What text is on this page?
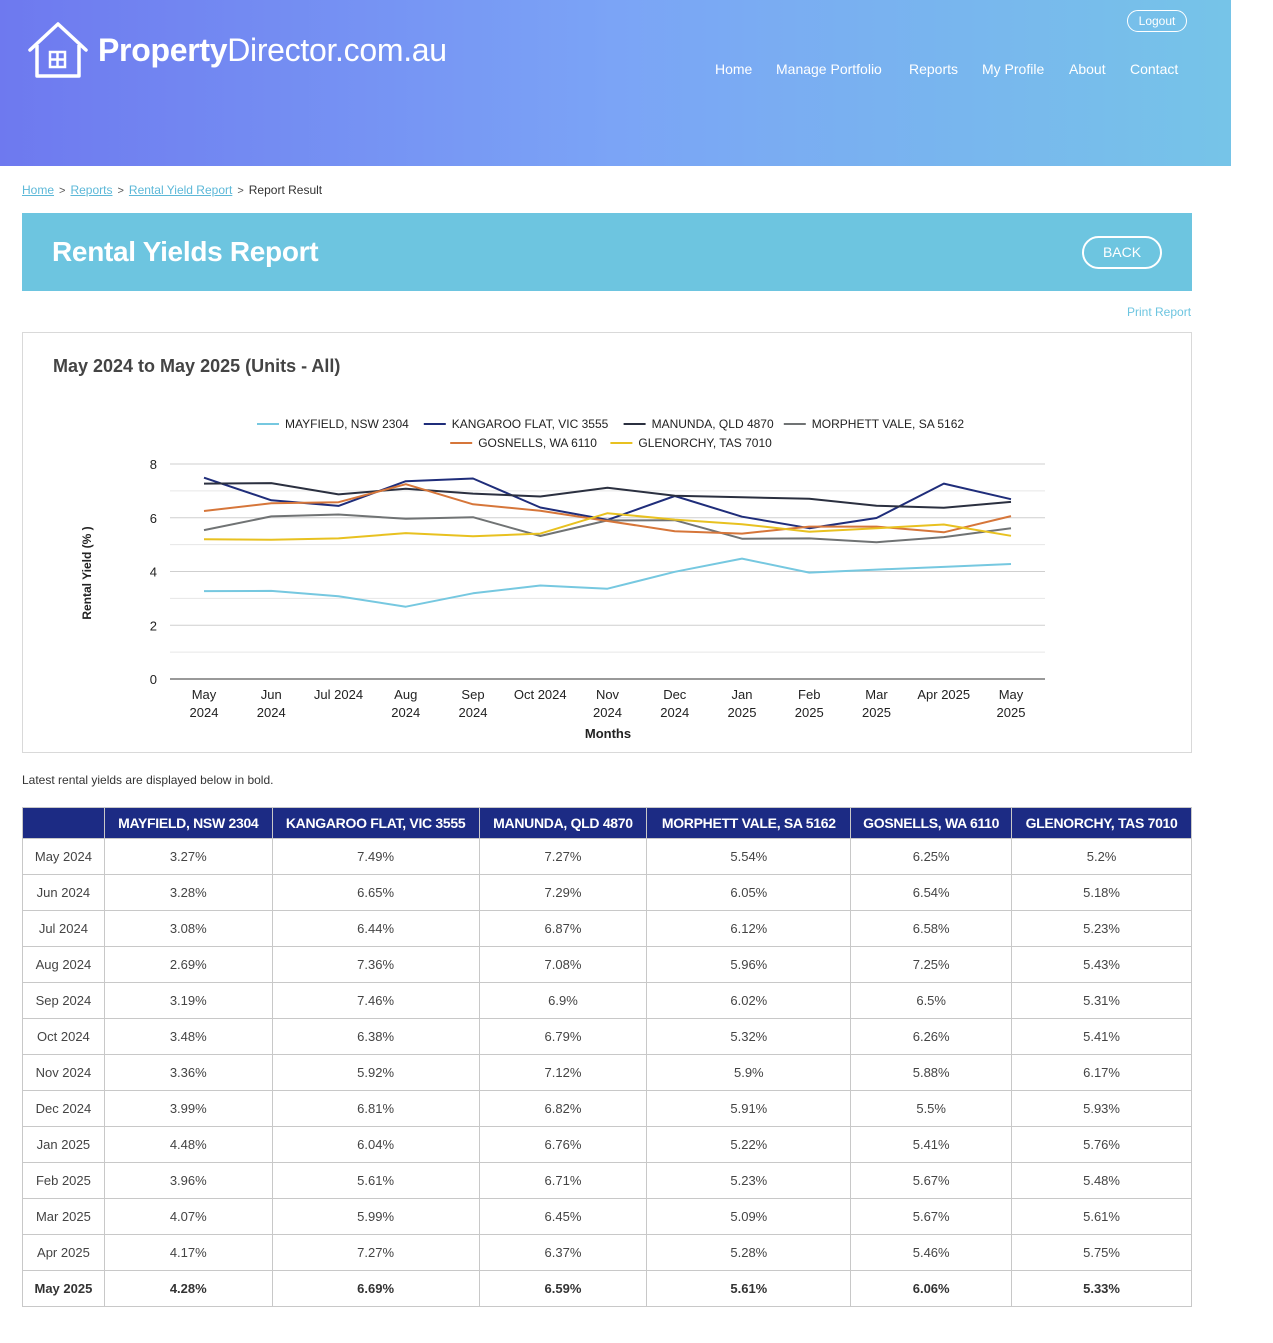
PropertyDirector.com.au
Logout
Home Manage Portfolio Reports My Profile About Contact
Home > Reports > Rental Yield Report > Report Result
Rental Yields Report	BACK
Print Report
May 2024 to May 2025 (Units - All)
MAYFIELD, NSW 2304	KANGAROO FLAT, VIC 3555	MANUNDA, QLD 4870	MORPHETT VALE, SA 5162
GOSNELLS, WA 6110	GLENORCHY, TAS 7010
0
2
4
6
8
May
2024
Jun
2024
Jul 2024 Aug
2024
Sep
2024
Oct 2024 Nov
2024
Dec
2024
Jan
2025
Feb
2025
Mar
2025
Apr 2025 May
2025
Rental Yield (% )
Months
Latest rental yields are displayed below in bold.
	MAYFIELD, NSW 2304	KANGAROO FLAT, VIC 3555	MANUNDA, QLD 4870	MORPHETT VALE, SA 5162	GOSNELLS, WA 6110	GLENORCHY, TAS 7010
May 2024	3.27%	7.49%	7.27%	5.54%	6.25%	5.2%
Jun 2024	3.28%	6.65%	7.29%	6.05%	6.54%	5.18%
Jul 2024	3.08%	6.44%	6.87%	6.12%	6.58%	5.23%
Aug 2024	2.69%	7.36%	7.08%	5.96%	7.25%	5.43%
Sep 2024	3.19%	7.46%	6.9%	6.02%	6.5%	5.31%
Oct 2024	3.48%	6.38%	6.79%	5.32%	6.26%	5.41%
Nov 2024	3.36%	5.92%	7.12%	5.9%	5.88%	6.17%
Dec 2024	3.99%	6.81%	6.82%	5.91%	5.5%	5.93%
Jan 2025	4.48%	6.04%	6.76%	5.22%	5.41%	5.76%
Feb 2025	3.96%	5.61%	6.71%	5.23%	5.67%	5.48%
Mar 2025	4.07%	5.99%	6.45%	5.09%	5.67%	5.61%
Apr 2025	4.17%	7.27%	6.37%	5.28%	5.46%	5.75%
May 2025	4.28%	6.69%	6.59%	5.61%	6.06%	5.33%
